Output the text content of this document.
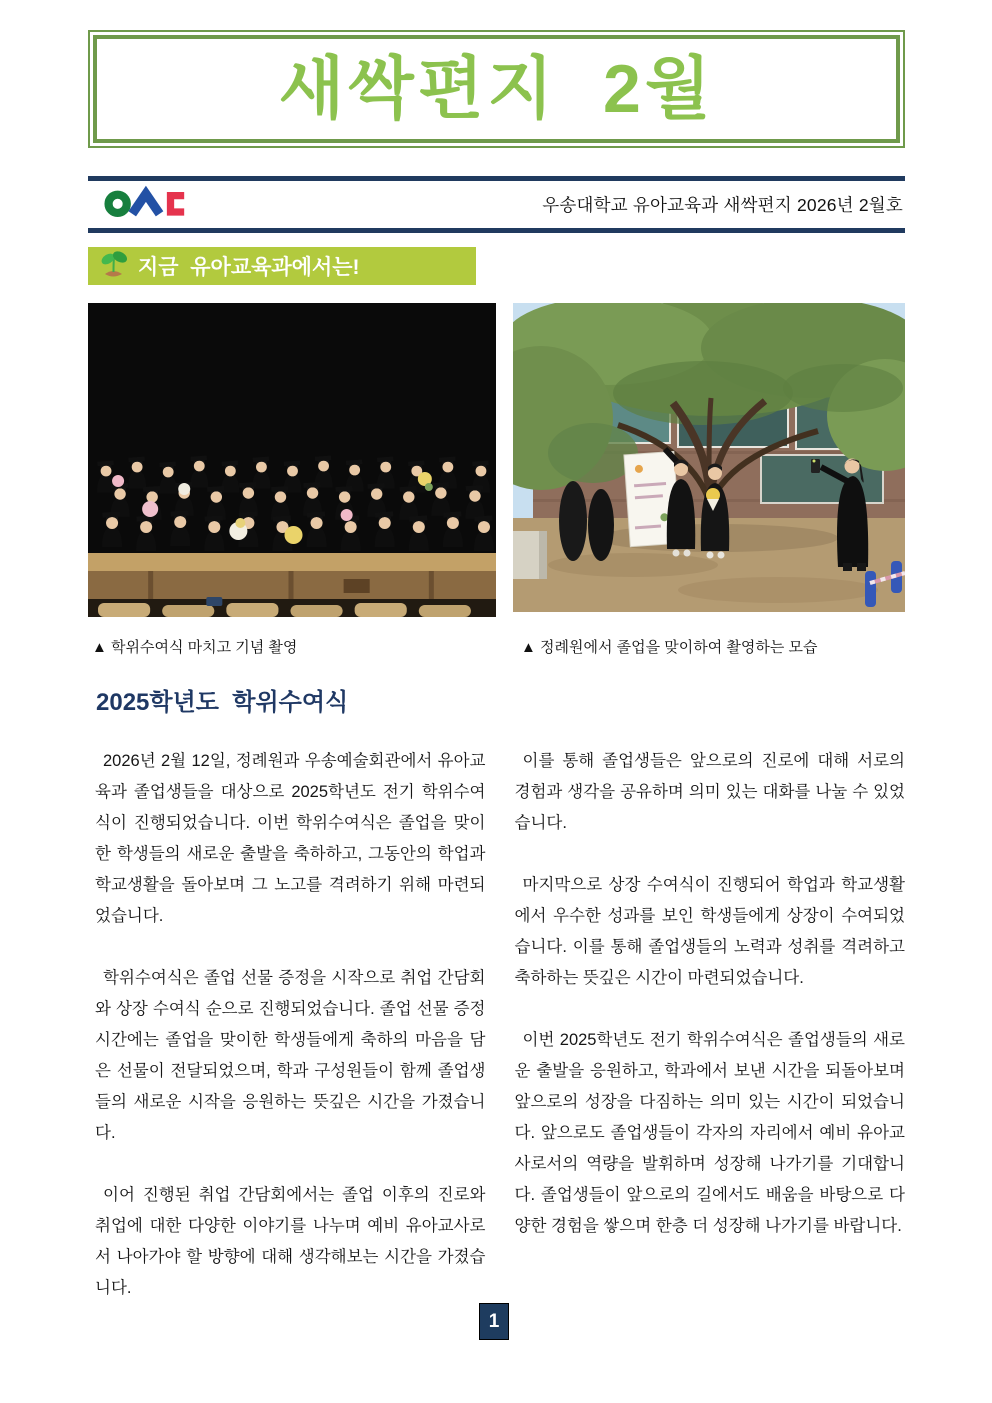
새싹편지  2월
우송대학교 유아교육과 새싹편지 2026년 2월호
지금  유아교육과에서는!
▲ 학위수여식 마치고 기념 촬영	▲ 정례원에서 졸업을 맞이하여 촬영하는 모습
2025학년도  학위수여식

2026년 2월 12일, 정례원과 우송예술회관에서 유아교육과 졸업생들을 대상으로 2025학년도 전기 학위수여식이 진행되었습니다. 이번 학위수여식은 졸업을 맞이한 학생들의 새로운 출발을 축하하고, 그동안의 학업과 학교생활을 돌아보며 그 노고를 격려하기 위해 마련되었습니다.

학위수여식은 졸업 선물 증정을 시작으로 취업 간담회와 상장 수여식 순으로 진행되었습니다. 졸업 선물 증정 시간에는 졸업을 맞이한 학생들에게 축하의 마음을 담은 선물이 전달되었으며, 학과 구성원들이 함께 졸업생들의 새로운 시작을 응원하는 뜻깊은 시간을 가졌습니다.

이어 진행된 취업 간담회에서는 졸업 이후의 진로와 취업에 대한 다양한 이야기를 나누며 예비 유아교사로서 나아가야 할 방향에 대해 생각해보는 시간을 가졌습니다.

이를 통해 졸업생들은 앞으로의 진로에 대해 서로의 경험과 생각을 공유하며 의미 있는 대화를 나눌 수 있었습니다.

마지막으로 상장 수여식이 진행되어 학업과 학교생활에서 우수한 성과를 보인 학생들에게 상장이 수여되었습니다. 이를 통해 졸업생들의 노력과 성취를 격려하고 축하하는 뜻깊은 시간이 마련되었습니다.

이번 2025학년도 전기 학위수여식은 졸업생들의 새로운 출발을 응원하고, 학과에서 보낸 시간을 되돌아보며 앞으로의 성장을 다짐하는 의미 있는 시간이 되었습니다. 앞으로도 졸업생들이 각자의 자리에서 예비 유아교사로서의 역량을 발휘하며 성장해 나가기를 기대합니다. 졸업생들이 앞으로의 길에서도 배움을 바탕으로 다양한 경험을 쌓으며 한층 더 성장해 나가기를 바랍니다.

1
